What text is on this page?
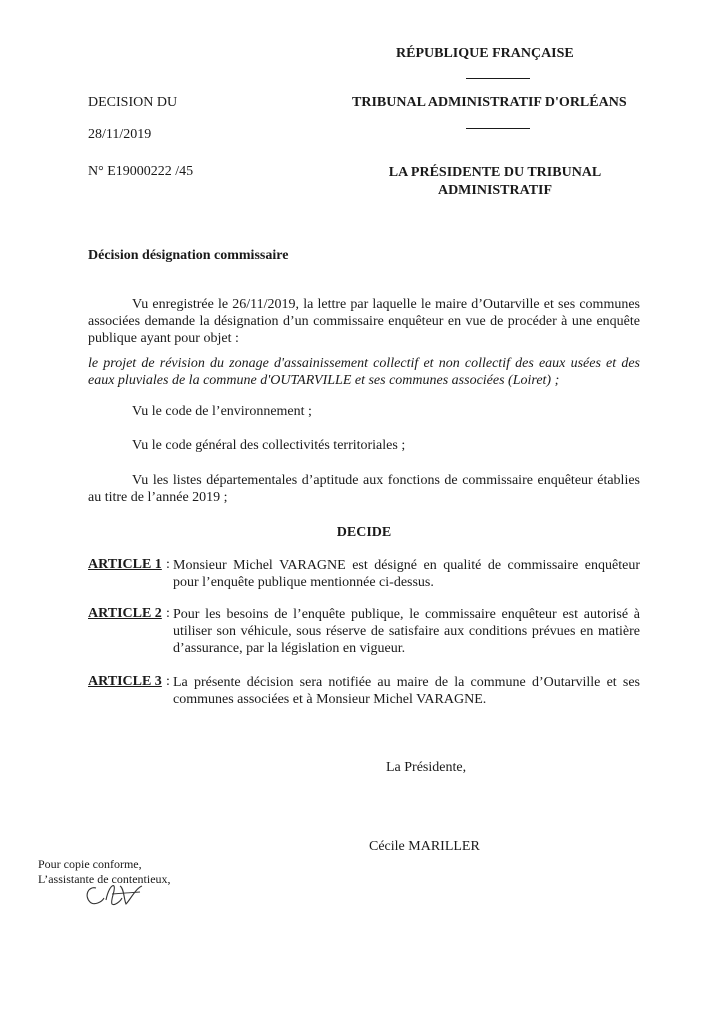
RÉPUBLIQUE FRANÇAISE
DECISION DU	TRIBUNAL ADMINISTRATIF D'ORLÉANS
28/11/2019
N° E19000222 /45	LA PRÉSIDENTE DU TRIBUNAL
ADMINISTRATIF
Décision désignation commissaire
Vu enregistrée le 26/11/2019, la lettre par laquelle le maire d’Outarville et ses communes associées demande la désignation d’un commissaire enquêteur en vue de procéder à une enquête publique ayant pour objet :
le projet de révision du zonage d'assainissement collectif et non collectif des eaux usées et des eaux pluviales de la commune d'OUTARVILLE et ses communes associées (Loiret) ;
Vu le code de l’environnement ;
Vu le code général des collectivités territoriales ;
Vu les listes départementales d’aptitude aux fonctions de commissaire enquêteur établies au titre de l’année 2019 ;
DECIDE
ARTICLE 1 : Monsieur Michel VARAGNE est désigné en qualité de commissaire enquêteur pour l’enquête publique mentionnée ci-dessus.
ARTICLE 2 : Pour les besoins de l’enquête publique, le commissaire enquêteur est autorisé à utiliser son véhicule, sous réserve de satisfaire aux conditions prévues en matière d’assurance, par la législation en vigueur.
ARTICLE 3 : La présente décision sera notifiée au maire de la commune d’Outarville et ses communes associées et à Monsieur Michel VARAGNE.
La Présidente,
Cécile MARILLER
Pour copie conforme,
L’assistante de contentieux,
